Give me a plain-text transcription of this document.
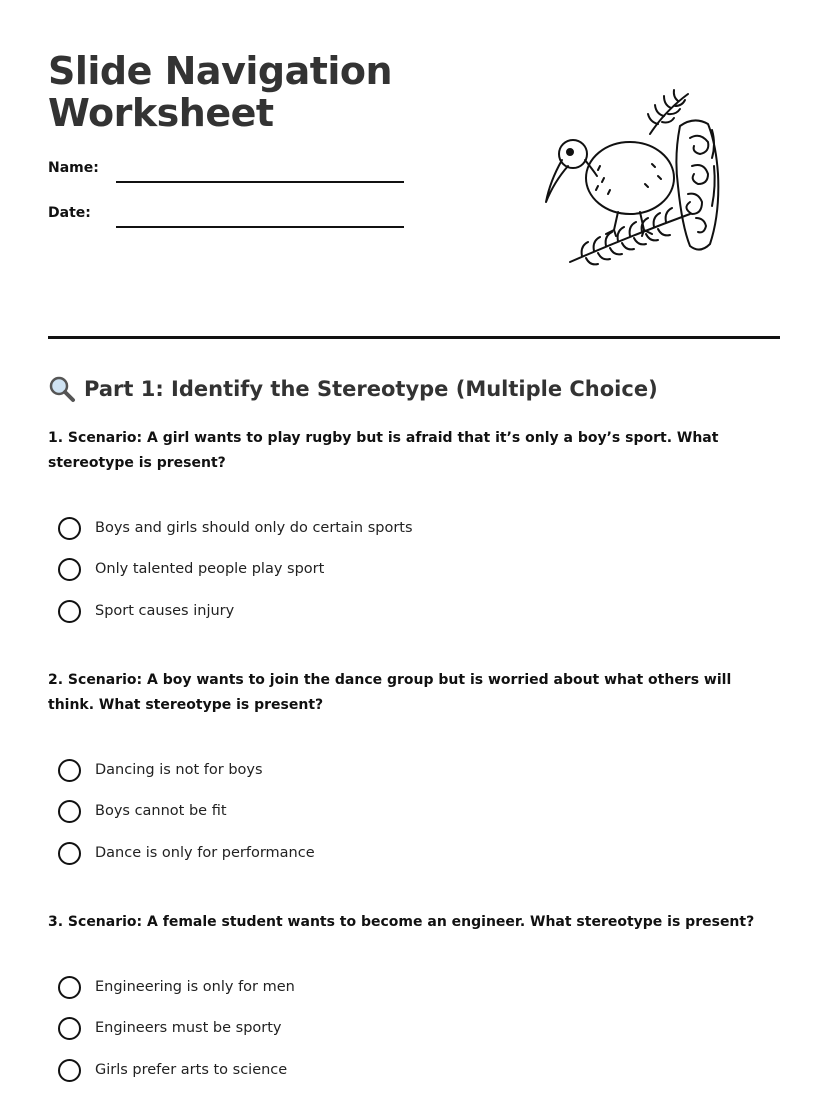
Slide Navigation Worksheet
Name:
Date:
Part 1: Identify the Stereotype (Multiple Choice)
1. Scenario: A girl wants to play rugby but is afraid that it’s only a boy’s sport. What stereotype is present?
Boys and girls should only do certain sports
Only talented people play sport
Sport causes injury
2. Scenario: A boy wants to join the dance group but is worried about what others will think. What stereotype is present?
Dancing is not for boys
Boys cannot be fit
Dance is only for performance
3. Scenario: A female student wants to become an engineer. What stereotype is present?
Engineering is only for men
Engineers must be sporty
Girls prefer arts to science
